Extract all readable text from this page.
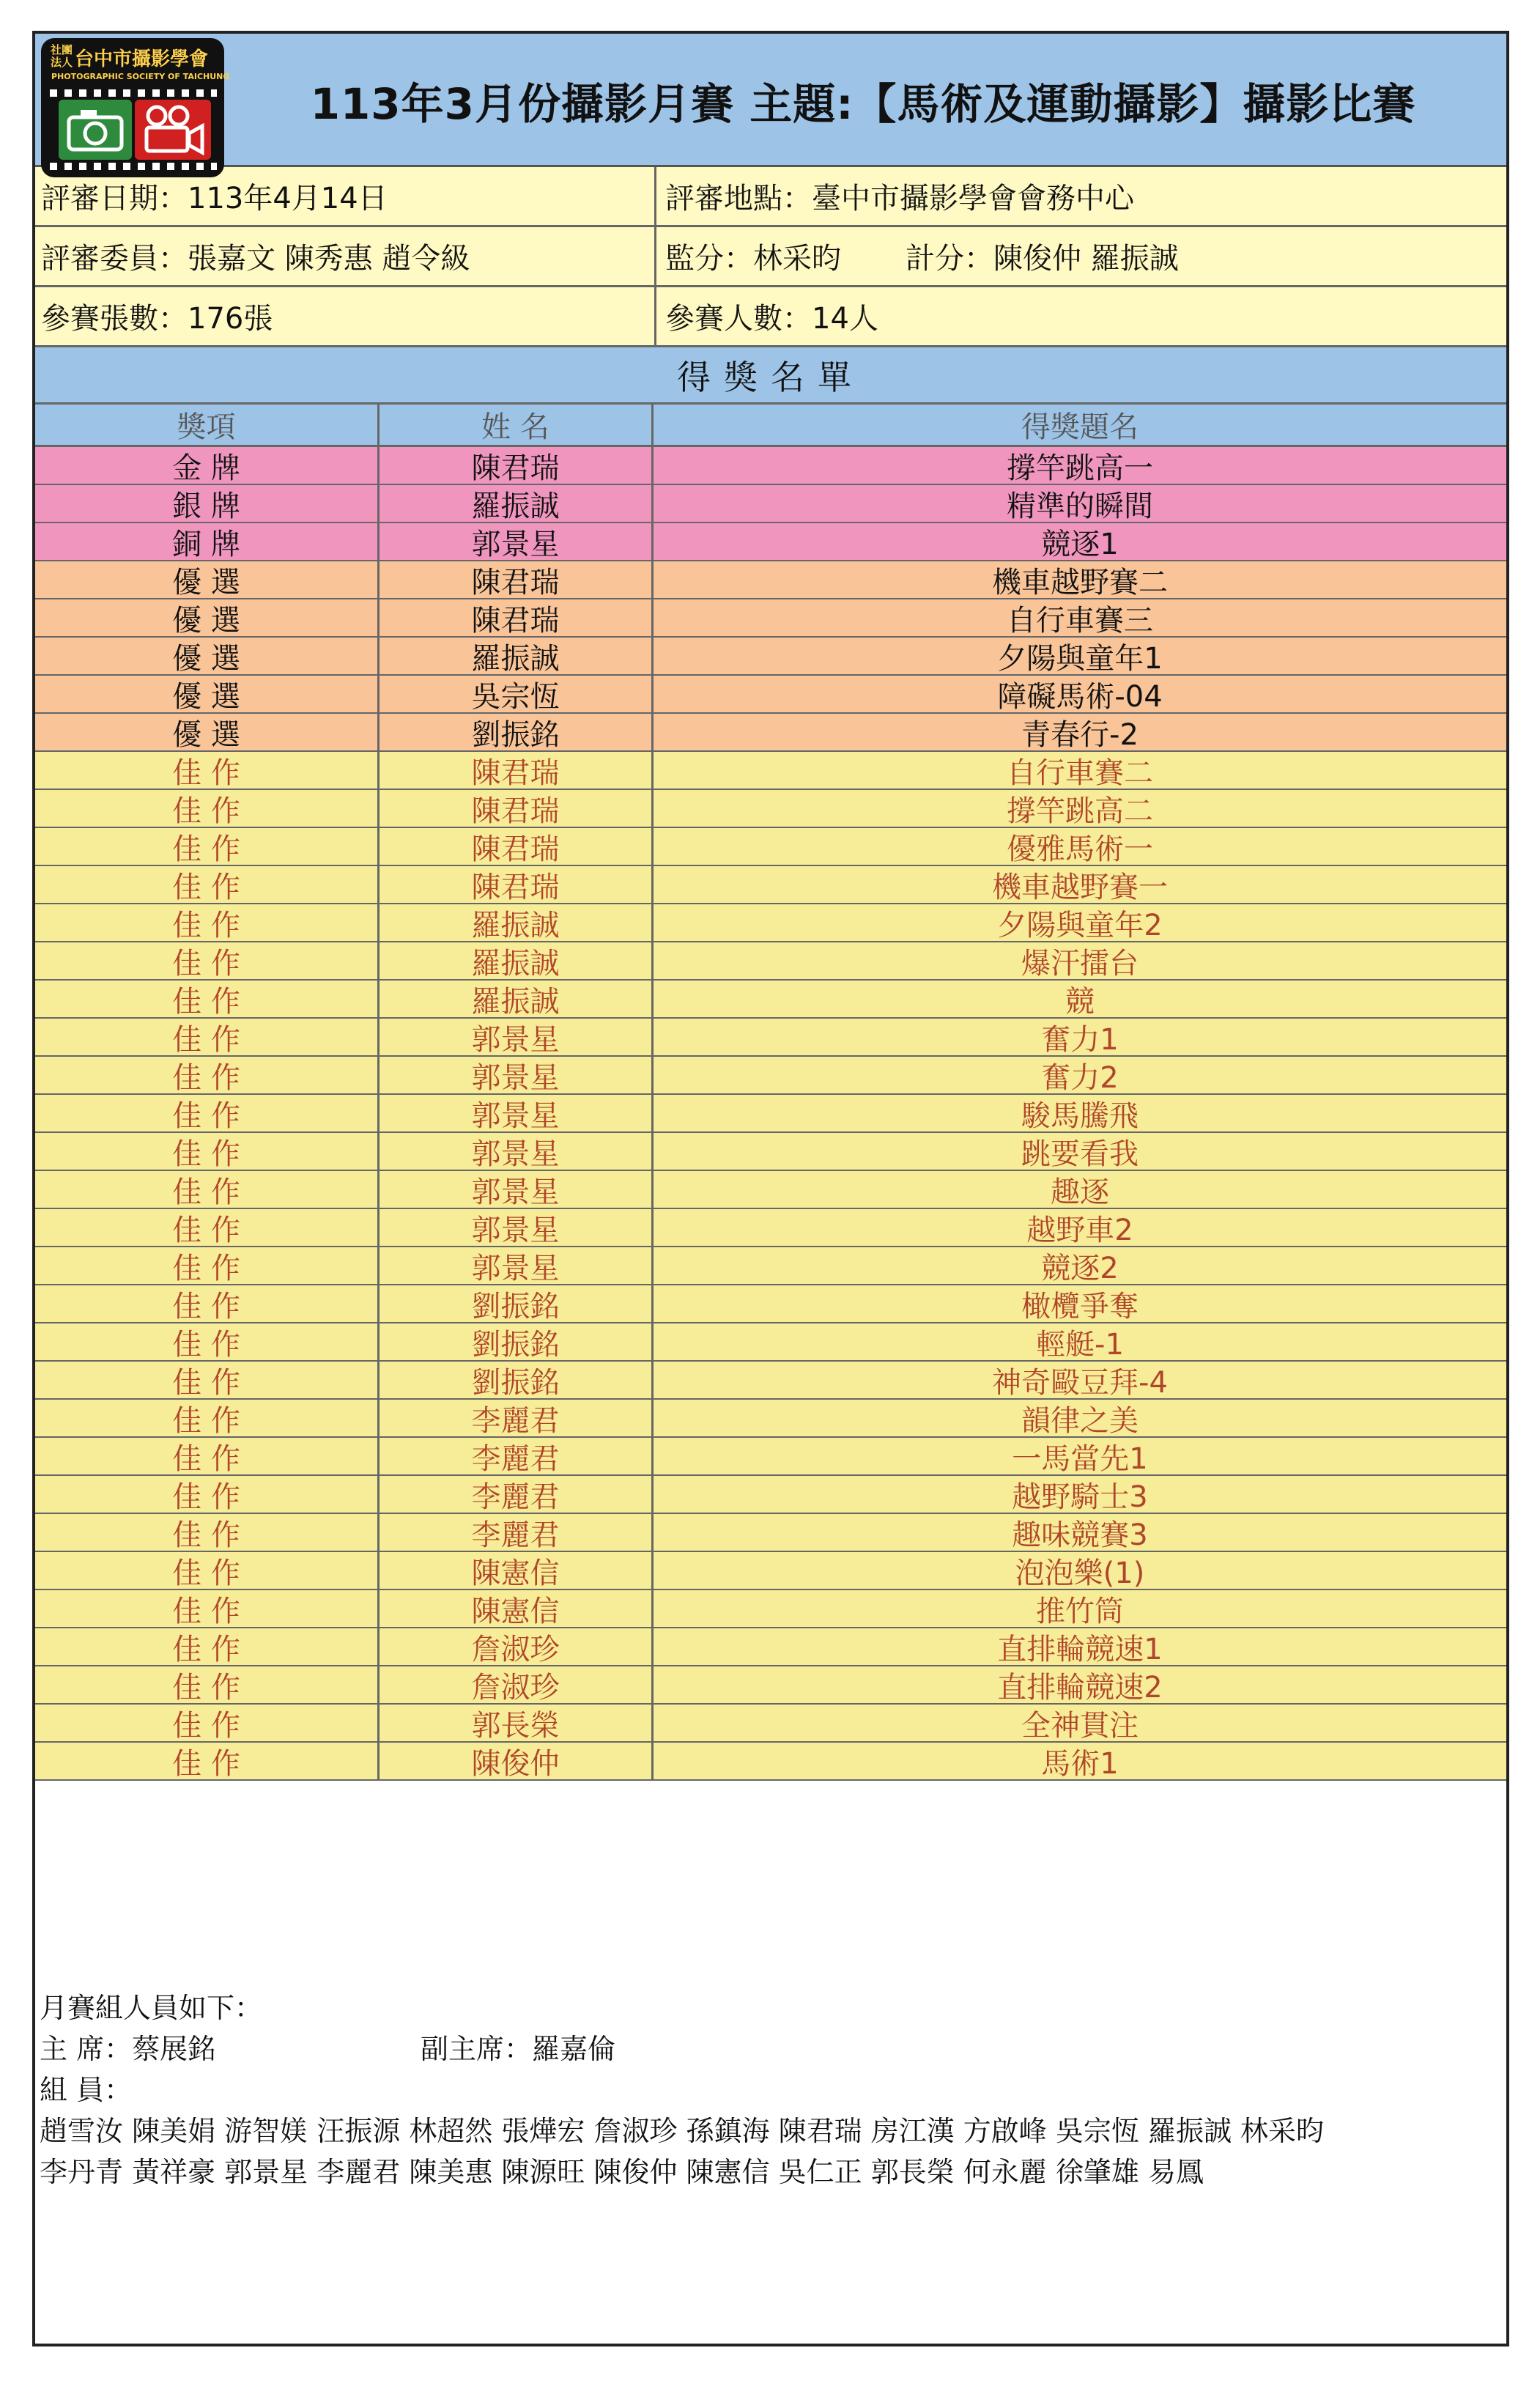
113年3月份攝影月賽 主題:【馬術及運動攝影】攝影比賽
社團法人 台中市攝影學會
PHOTOGRAPHIC SOCIETY OF TAICHUNG
評審日期：113年4月14日	評審地點：臺中市攝影學會會務中心
評審委員：張嘉文 陳秀惠 趙令級	監分：林采昀 計分：陳俊仲 羅振誠
參賽張數：176張	參賽人數：14人
得獎名單
獎項	姓 名	得獎題名
金 牌	陳君瑞	撐竿跳高一
銀 牌	羅振誠	精準的瞬間
銅 牌	郭景星	競逐1
優 選	陳君瑞	機車越野賽二
優 選	陳君瑞	自行車賽三
優 選	羅振誠	夕陽與童年1
優 選	吳宗恆	障礙馬術-04
優 選	劉振銘	青春行-2
佳 作	陳君瑞	自行車賽二
佳 作	陳君瑞	撐竿跳高二
佳 作	陳君瑞	優雅馬術一
佳 作	陳君瑞	機車越野賽一
佳 作	羅振誠	夕陽與童年2
佳 作	羅振誠	爆汗擂台
佳 作	羅振誠	競
佳 作	郭景星	奮力1
佳 作	郭景星	奮力2
佳 作	郭景星	駿馬騰飛
佳 作	郭景星	跳要看我
佳 作	郭景星	趣逐
佳 作	郭景星	越野車2
佳 作	郭景星	競逐2
佳 作	劉振銘	橄欖爭奪
佳 作	劉振銘	輕艇-1
佳 作	劉振銘	神奇毆豆拜-4
佳 作	李麗君	韻律之美
佳 作	李麗君	一馬當先1
佳 作	李麗君	越野騎士3
佳 作	李麗君	趣味競賽3
佳 作	陳憲信	泡泡樂(1)
佳 作	陳憲信	推竹筒
佳 作	詹淑珍	直排輪競速1
佳 作	詹淑珍	直排輪競速2
佳 作	郭長榮	全神貫注
佳 作	陳俊仲	馬術1
月賽組人員如下：
主 席：蔡展銘	副主席：羅嘉倫
組 員：
趙雪汝 陳美娟 游智媄 汪振源 林超然 張燁宏 詹淑珍 孫鎮海 陳君瑞 房江漢 方啟峰 吳宗恆 羅振誠 林采昀
李丹青 黃祥豪 郭景星 李麗君 陳美惠 陳源旺 陳俊仲 陳憲信 吳仁正 郭長榮 何永麗 徐肇雄 易鳳
